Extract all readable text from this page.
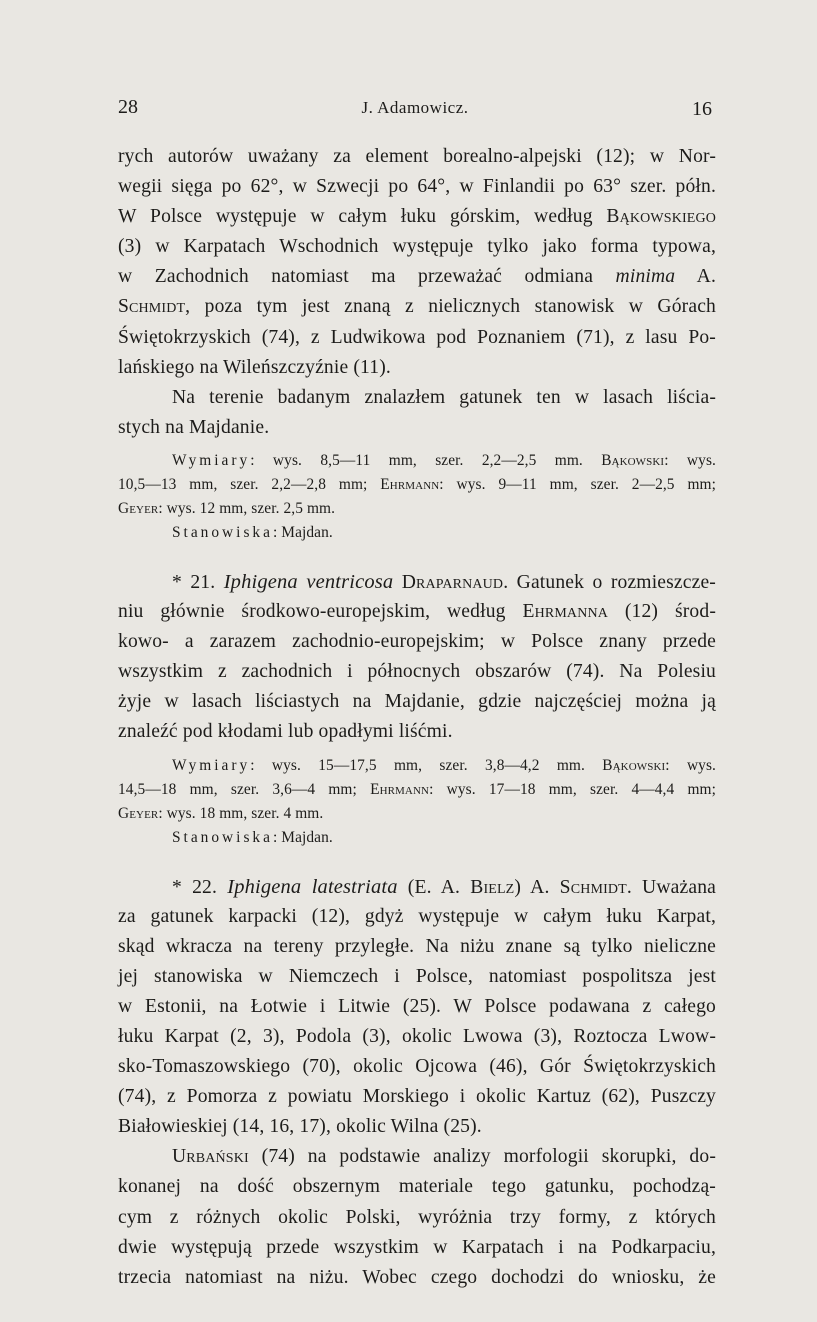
28	J. Adamowicz.	16
rych autorów uważany za element borealno-alpejski (12); w Nor-
wegii sięga po 62°, w Szwecji po 64°, w Finlandii po 63° szer. półn.
W Polsce występuje w całym łuku górskim, według Bąkowskiego
(3) w Karpatach Wschodnich występuje tylko jako forma typowa,
w Zachodnich natomiast ma przeważać odmiana minima A.
Schmidt, poza tym jest znaną z nielicznych stanowisk w Górach
Świętokrzyskich (74), z Ludwikowa pod Poznaniem (71), z lasu Po-
lańskiego na Wileńszczyźnie (11).
Na terenie badanym znalazłem gatunek ten w lasach liścia-
stych na Majdanie.
Wymiary: wys. 8,5—11 mm, szer. 2,2—2,5 mm. Bąkowski: wys.
10,5—13 mm, szer. 2,2—2,8 mm; Ehrmann: wys. 9—11 mm, szer. 2—2,5 mm;
Geyer: wys. 12 mm, szer. 2,5 mm.
Stanowiska: Majdan.
* 21. Iphigena ventricosa Draparnaud. Gatunek o rozmieszcze-
niu głównie środkowo-europejskim, według Ehrmanna (12) środ-
kowo- a zarazem zachodnio-europejskim; w Polsce znany przede
wszystkim z zachodnich i północnych obszarów (74). Na Polesiu
żyje w lasach liściastych na Majdanie, gdzie najczęściej można ją
znaleźć pod kłodami lub opadłymi liśćmi.
Wymiary: wys. 15—17,5 mm, szer. 3,8—4,2 mm. Bąkowski: wys.
14,5—18 mm, szer. 3,6—4 mm; Ehrmann: wys. 17—18 mm, szer. 4—4,4 mm;
Geyer: wys. 18 mm, szer. 4 mm.
Stanowiska: Majdan.
* 22. Iphigena latestriata (E. A. Bielz) A. Schmidt. Uważana
za gatunek karpacki (12), gdyż występuje w całym łuku Karpat,
skąd wkracza na tereny przyległe. Na niżu znane są tylko nieliczne
jej stanowiska w Niemczech i Polsce, natomiast pospolitsza jest
w Estonii, na Łotwie i Litwie (25). W Polsce podawana z całego
łuku Karpat (2, 3), Podola (3), okolic Lwowa (3), Roztocza Lwow-
sko-Tomaszowskiego (70), okolic Ojcowa (46), Gór Świętokrzyskich
(74), z Pomorza z powiatu Morskiego i okolic Kartuz (62), Puszczy
Białowieskiej (14, 16, 17), okolic Wilna (25).
Urbański (74) na podstawie analizy morfologii skorupki, do-
konanej na dość obszernym materiale tego gatunku, pochodzą-
cym z różnych okolic Polski, wyróżnia trzy formy, z których
dwie występują przede wszystkim w Karpatach i na Podkarpaciu,
trzecia natomiast na niżu. Wobec czego dochodzi do wniosku, że
